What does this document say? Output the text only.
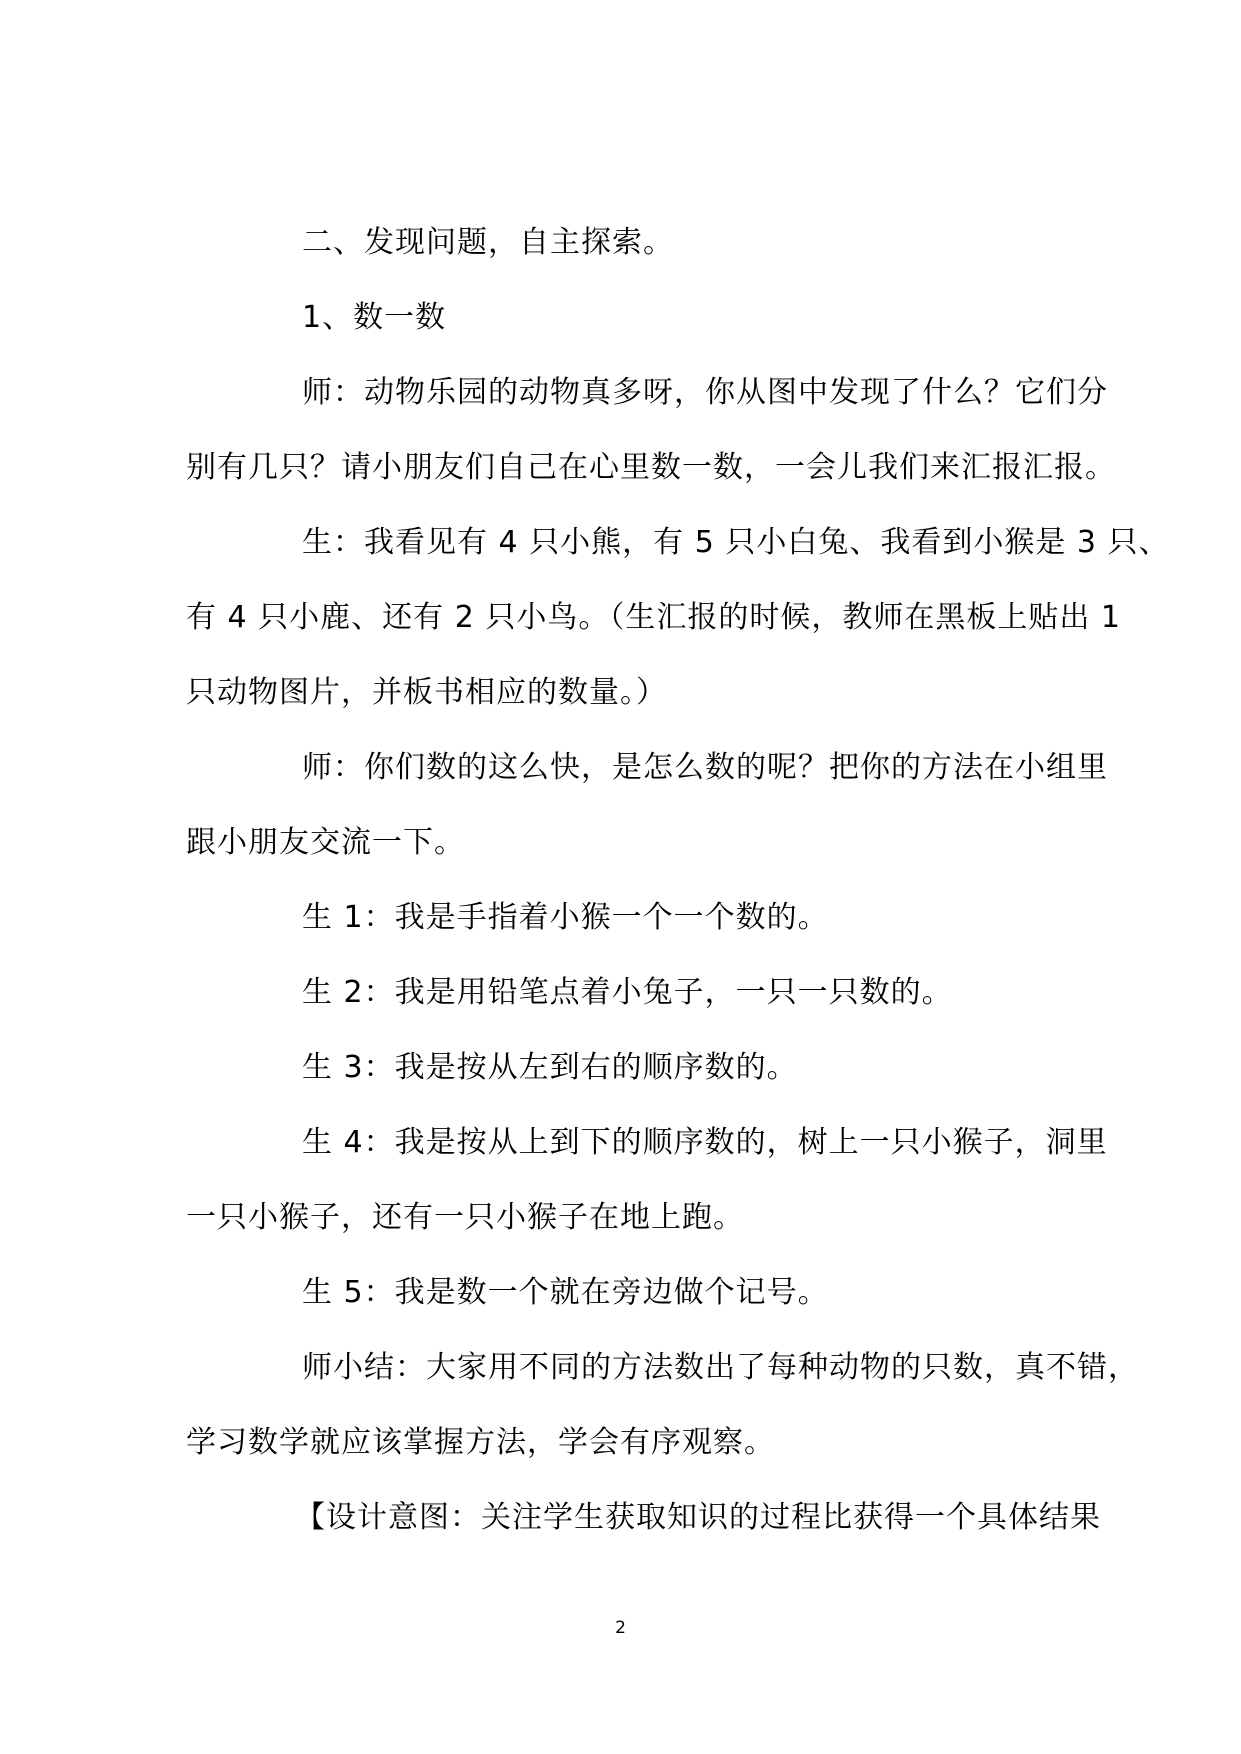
二、发现问题，自主探索。
1、数一数
师：动物乐园的动物真多呀，你从图中发现了什么？它们分
别有几只？请小朋友们自己在心里数一数，一会儿我们来汇报汇报。
生：我看见有 4 只小熊，有 5 只小白兔、我看到小猴是 3 只、
有 4 只小鹿、还有 2 只小鸟。（生汇报的时候，教师在黑板上贴出 1
只动物图片，并板书相应的数量。）
师：你们数的这么快，是怎么数的呢？把你的方法在小组里
跟小朋友交流一下。
生 1：我是手指着小猴一个一个数的。
生 2：我是用铅笔点着小兔子，一只一只数的。
生 3：我是按从左到右的顺序数的。
生 4：我是按从上到下的顺序数的，树上一只小猴子，洞里
一只小猴子，还有一只小猴子在地上跑。
生 5：我是数一个就在旁边做个记号。
师小结：大家用不同的方法数出了每种动物的只数，真不错，
学习数学就应该掌握方法，学会有序观察。
【设计意图：关注学生获取知识的过程比获得一个具体结果
2
